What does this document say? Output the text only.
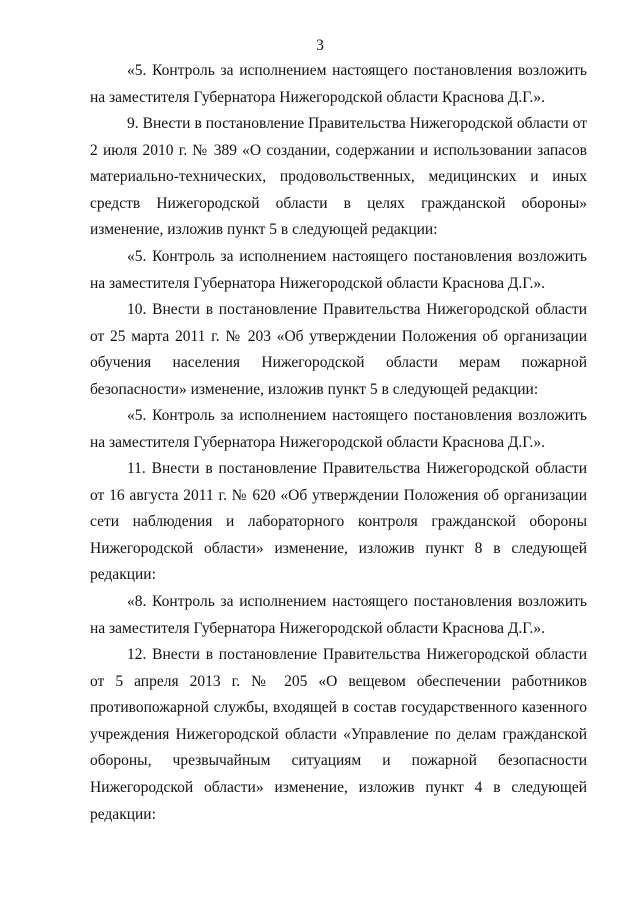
3

«5. Контроль за исполнением настоящего постановления возложить на заместителя Губернатора Нижегородской области Краснова Д.Г.».

9. Внести в постановление Правительства Нижегородской области от 2 июля 2010 г. № 389 «О создании, содержании и использовании запасов материально-технических, продовольственных, медицинских и иных средств Нижегородской области в целях гражданской обороны» изменение, изложив пункт 5 в следующей редакции:

«5. Контроль за исполнением настоящего постановления возложить на заместителя Губернатора Нижегородской области Краснова Д.Г.».

10. Внести в постановление Правительства Нижегородской области от 25 марта 2011 г. № 203 «Об утверждении Положения об организации обучения населения Нижегородской области мерам пожарной безопасности» изменение, изложив пункт 5 в следующей редакции:

«5. Контроль за исполнением настоящего постановления возложить на заместителя Губернатора Нижегородской области Краснова Д.Г.».

11. Внести в постановление Правительства Нижегородской области от 16 августа 2011 г. № 620 «Об утверждении Положения об организации сети наблюдения и лабораторного контроля гражданской обороны Нижегородской области» изменение, изложив пункт 8 в следующей редакции:

«8. Контроль за исполнением настоящего постановления возложить на заместителя Губернатора Нижегородской области Краснова Д.Г.».

12. Внести в постановление Правительства Нижегородской области от 5 апреля 2013 г. № 205 «О вещевом обеспечении работников противопожарной службы, входящей в состав государственного казенного учреждения Нижегородской области «Управление по делам гражданской обороны, чрезвычайным ситуациям и пожарной безопасности Нижегородской области» изменение, изложив пункт 4 в следующей редакции:
